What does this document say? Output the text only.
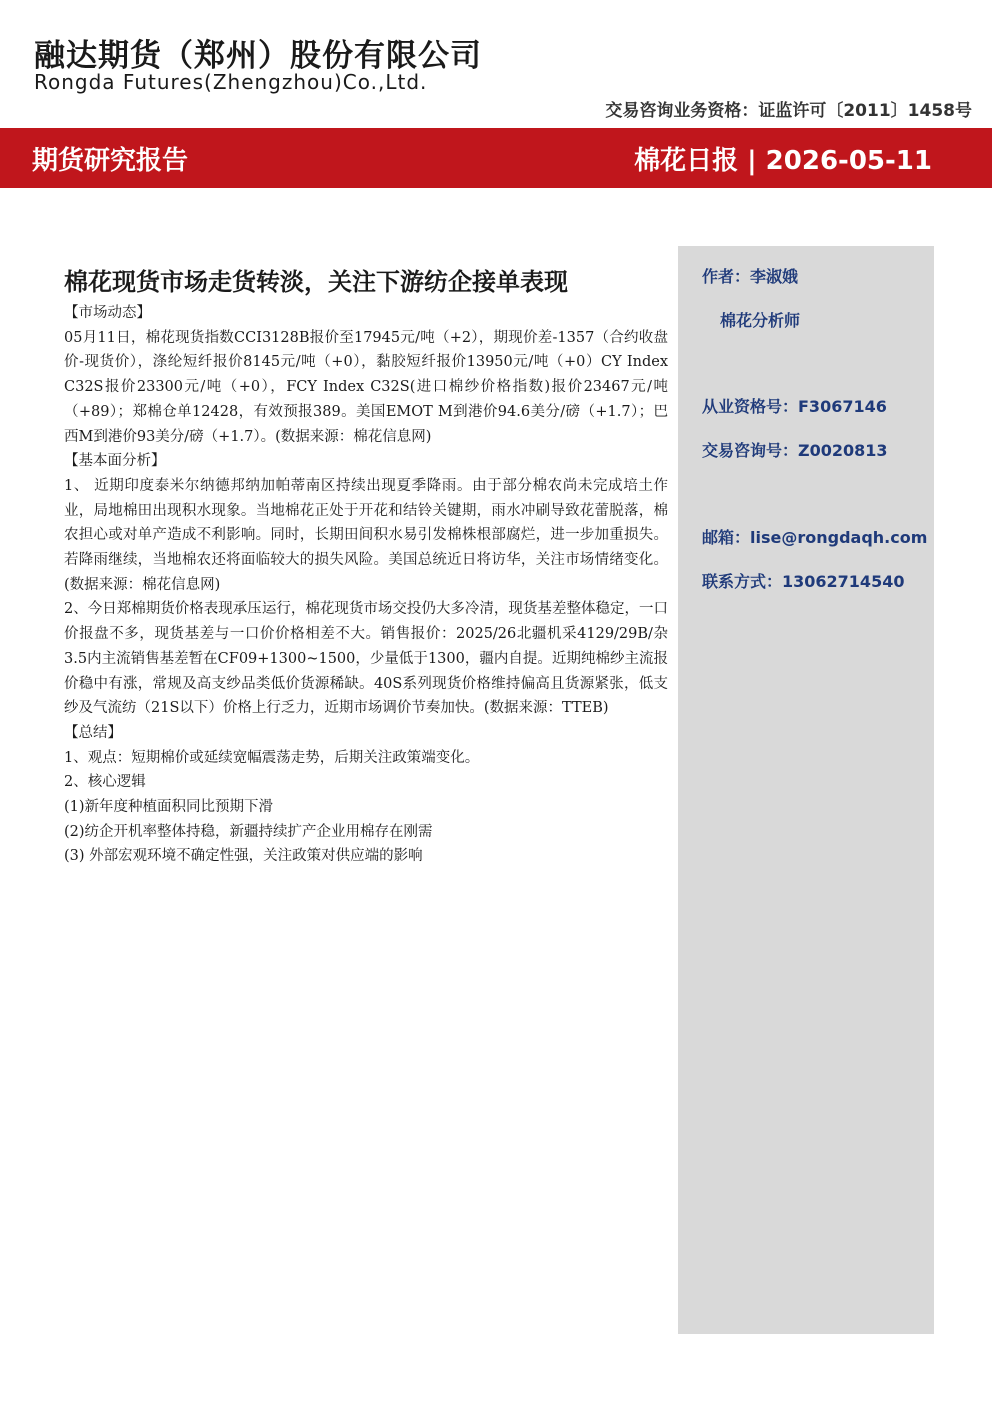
融达期货（郑州）股份有限公司
Rongda Futures(Zhengzhou)Co.,Ltd.
交易咨询业务资格：证监许可〔2011〕1458号
期货研究报告	棉花日报 | 2026-05-11
棉花现货市场走货转淡，关注下游纺企接单表现

【市场动态】

05月11日，棉花现货指数CCI3128B报价至17945元/吨（+2），期现价差-1357（合约收盘价-现货价），涤纶短纤报价8145元/吨（+0），黏胶短纤报价13950元/吨（+0）CY Index C32S报价23300元/吨（+0），FCY Index C32S(进口棉纱价格指数)报价23467元/吨（+89）；郑棉仓单12428，有效预报389。美国EMOT M到港价94.6美分/磅（+1.7）；巴西M到港价93美分/磅（+1.7）。(数据来源：棉花信息网)

【基本面分析】

1、 近期印度泰米尔纳德邦纳加帕蒂南区持续出现夏季降雨。由于部分棉农尚未完成培土作业，局地棉田出现积水现象。当地棉花正处于开花和结铃关键期，雨水冲刷导致花蕾脱落，棉农担心或对单产造成不利影响。同时，长期田间积水易引发棉株根部腐烂，进一步加重损失。若降雨继续，当地棉农还将面临较大的损失风险。美国总统近日将访华，关注市场情绪变化。(数据来源：棉花信息网)

2、今日郑棉期货价格表现承压运行，棉花现货市场交投仍大多冷清，现货基差整体稳定，一口价报盘不多，现货基差与一口价价格相差不大。销售报价：2025/26北疆机采4129/29B/杂3.5内主流销售基差暂在CF09+1300~1500，少量低于1300，疆内自提。近期纯棉纱主流报价稳中有涨，常规及高支纱品类低价货源稀缺。40S系列现货价格维持偏高且货源紧张，低支纱及气流纺（21S以下）价格上行乏力，近期市场调价节奏加快。(数据来源：TTEB)

【总结】

1、观点：短期棉价或延续宽幅震荡走势，后期关注政策端变化。

2、核心逻辑

(1)新年度种植面积同比预期下滑

(2)纺企开机率整体持稳，新疆持续扩产企业用棉存在刚需

(3) 外部宏观环境不确定性强，关注政策对供应端的影响

作者：李淑娥
棉花分析师
从业资格号：F3067146
交易咨询号：Z0020813
邮箱：lise@rongdaqh.com
联系方式：13062714540
